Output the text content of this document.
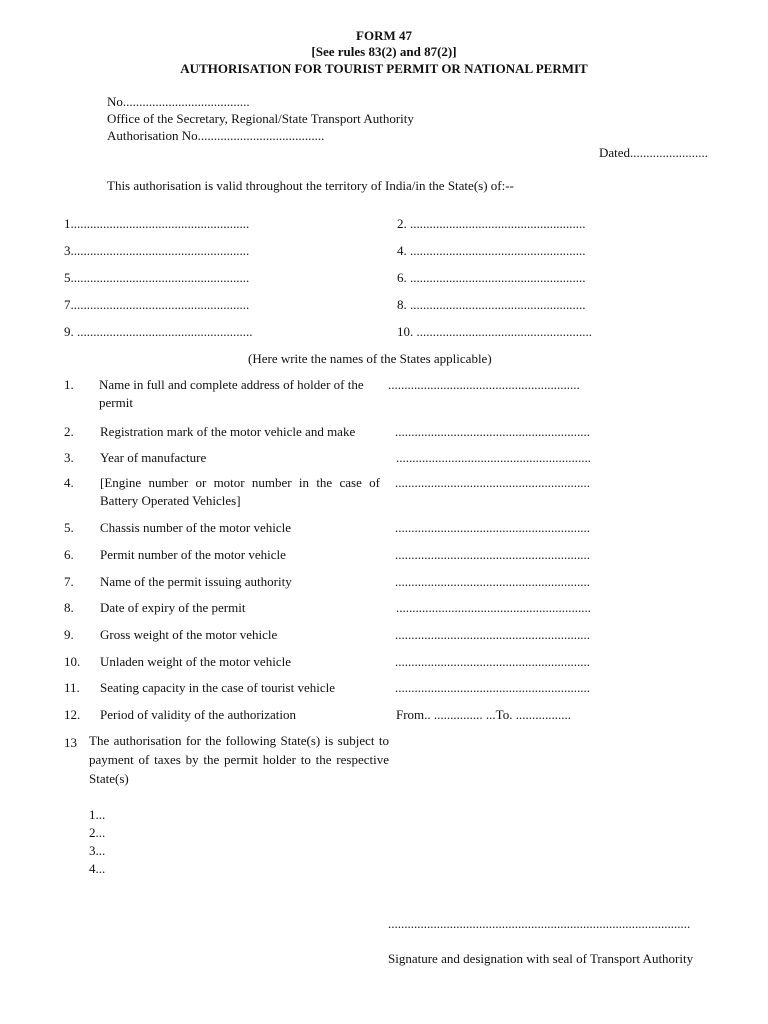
FORM 47
[See rules 83(2) and 87(2)]
AUTHORISATION FOR TOURIST PERMIT OR NATIONAL PERMIT
No.......................................
Office of the Secretary, Regional/State Transport Authority
Authorisation No.......................................
Dated........................
This authorisation is valid throughout the territory of India/in the State(s) of:--
1.......................................................	2. ......................................................
3.......................................................	4. ......................................................
5.......................................................	6. ......................................................
7.......................................................	8. ......................................................
9. ......................................................	10. ......................................................
(Here write the names of the States applicable)
1. Name in full and complete address of holder of the permit
...........................................................
2. Registration mark of the motor vehicle and make	............................................................
3. Year of manufacture	............................................................
4. [Engine number or motor number in the case of Battery Operated Vehicles]
............................................................
5. Chassis number of the motor vehicle	............................................................
6. Permit number of the motor vehicle	............................................................
7. Name of the permit issuing authority	............................................................
8. Date of expiry of the permit	............................................................
9. Gross weight of the motor vehicle	............................................................
10. Unladen weight of the motor vehicle	............................................................
11. Seating capacity in the case of tourist vehicle	............................................................
12. Period of validity of the authorization	From.. ............... ...To. .................
13 The authorisation for the following State(s) is subject to payment of taxes by the permit holder to the respective State(s)
1...
2...
3...
4...
.............................................................................................
Signature and designation with seal of Transport Authority
